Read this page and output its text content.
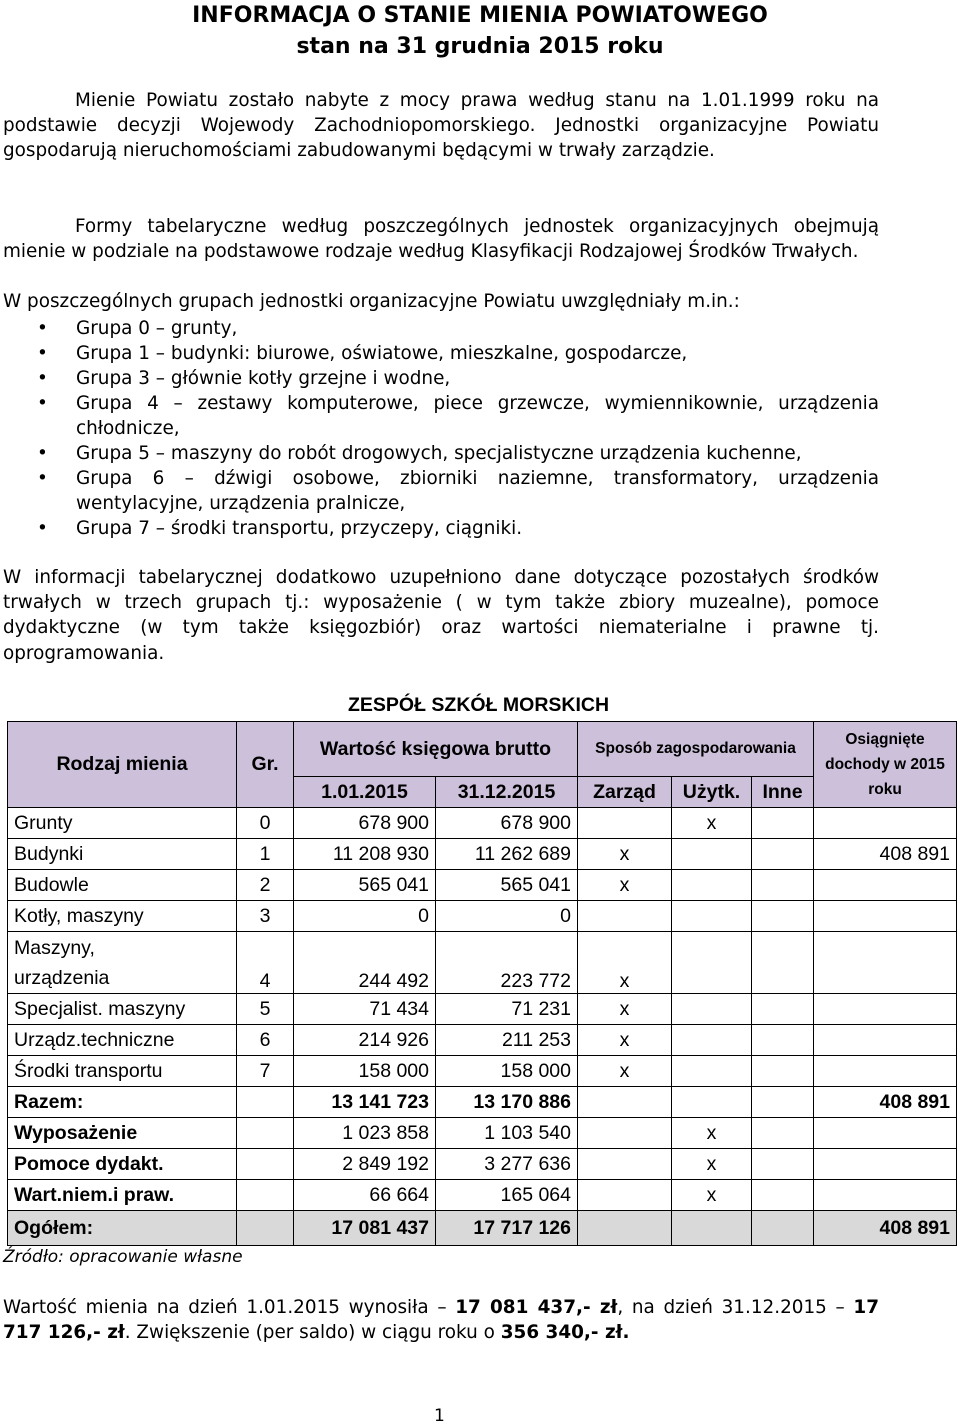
INFORMACJA O STANIE MIENIA POWIATOWEGO
stan na 31 grudnia 2015 roku

Mienie Powiatu zostało nabyte z mocy prawa według stanu na 1.01.1999 roku na podstawie decyzji Wojewody Zachodniopomorskiego. Jednostki organizacyjne Powiatu gospodarują nieruchomościami zabudowanymi będącymi w trwały zarządzie.

Formy tabelaryczne według poszczególnych jednostek organizacyjnych obejmują mienie w podziale na podstawowe rodzaje według Klasyfikacji Rodzajowej Środków Trwałych.

W poszczególnych grupach jednostki organizacyjne Powiatu uwzględniały m.in.:

• Grupa 0 – grunty,
• Grupa 1 – budynki: biurowe, oświatowe, mieszkalne, gospodarcze,
• Grupa 3 – głównie kotły grzejne i wodne,
• Grupa 4 – zestawy komputerowe, piece grzewcze, wymiennikownie, urządzenia chłodnicze,
• Grupa 5 – maszyny do robót drogowych, specjalistyczne urządzenia kuchenne,
• Grupa 6 – dźwigi osobowe, zbiorniki naziemne, transformatory, urządzenia wentylacyjne, urządzenia pralnicze,
• Grupa 7 – środki transportu, przyczepy, ciągniki.

W informacji tabelarycznej dodatkowo uzupełniono dane dotyczące pozostałych środków trwałych w trzech grupach tj.: wyposażenie ( w tym także zbiory muzealne), pomoce dydaktyczne (w tym także księgozbiór) oraz wartości niematerialne i prawne tj. oprogramowania.

ZESPÓŁ SZKÓŁ MORSKICH
Rodzaj mienia	Gr.	Wartość księgowa brutto		Sposób zagospodarowania			Osiągnięte dochody w 2015 roku
		1.01.2015	31.12.2015	Zarząd	Użytk.	Inne	
Grunty	0	678 900	678 900		x		
Budynki	1	11 208 930	11 262 689	x			408 891
Budowle	2	565 041	565 041	x			
Kotły, maszyny	3	0	0				
Maszyny,
urządzenia	4	244 492	223 772	x			
Specjalist. maszyny	5	71 434	71 231	x			
Urządz.techniczne	6	214 926	211 253	x			
Środki transportu	7	158 000	158 000	x			
Razem:		13 141 723	13 170 886				408 891
Wyposażenie		1 023 858	1 103 540		x		
Pomoce dydakt.		2 849 192	3 277 636		x		
Wart.niem.i praw.		66 664	165 064		x		
Ogółem:		17 081 437	17 717 126				408 891
Źródło: opracowanie własne

Wartość mienia na dzień 1.01.2015 wynosiła – 17 081 437,- zł, na dzień 31.12.2015 – 17 717 126,- zł. Zwiększenie (per saldo) w ciągu roku o 356 340,- zł.

1
